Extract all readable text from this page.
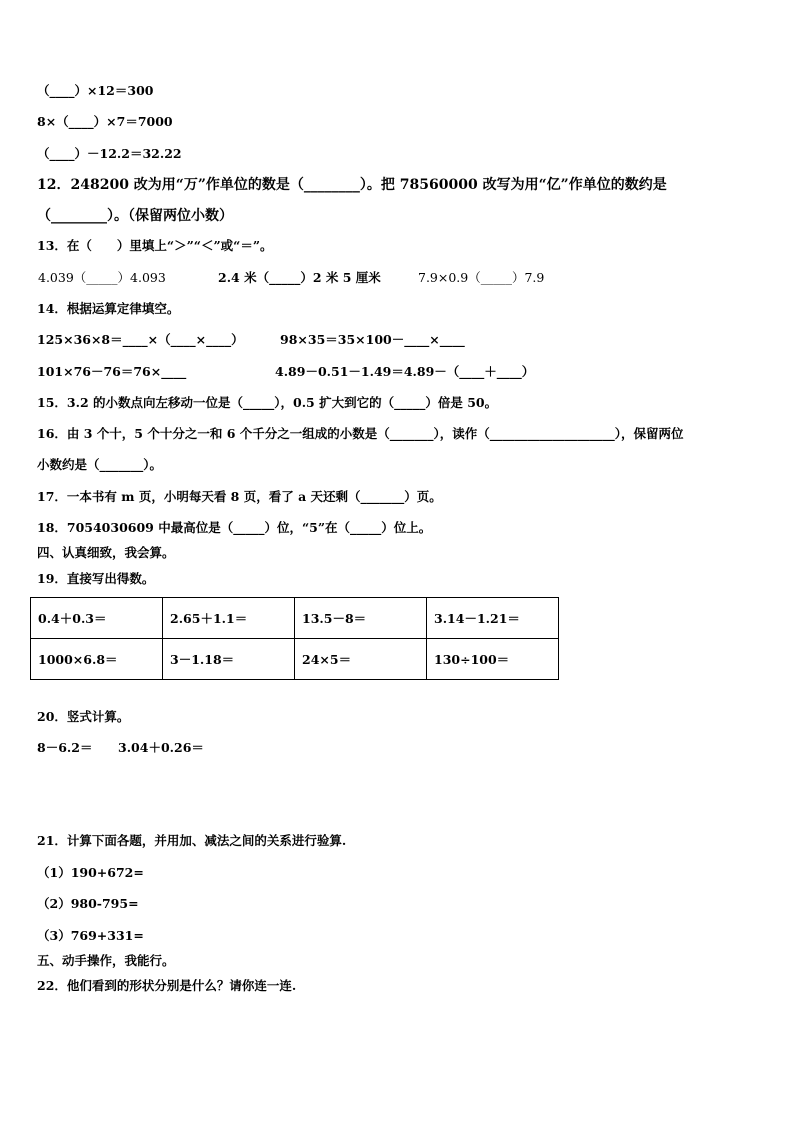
（____）×12＝300
8×（____）×7＝7000
（____）－12.2＝32.22
12．248200 改为用“万”作单位的数是（________）。把 78560000 改写为用“亿”作单位的数约是
（________）。（保留两位小数）
13．在（　　）里填上“＞”“＜”或“＝”。
4.039（_____）4.093	2.4 米（_____）2 米 5 厘米	7.9×0.9（_____）7.9
14．根据运算定律填空。
125×36×8＝____×（____×____）	98×35＝35×100－____×____
101×76－76＝76×____	4.89－0.51－1.49＝4.89－（____＋____）
15．3.2 的小数点向左移动一位是（_____），0.5 扩大到它的（_____）倍是 50。
16．由 3 个十，5 个十分之一和 6 个千分之一组成的小数是（_______），读作（____________________），保留两位
小数约是（_______）。
17．一本书有 m 页，小明每天看 8 页，看了 a 天还剩（_______）页。
18．7054030609 中最高位是（_____）位，“5”在（_____）位上。
四、认真细致，我会算。
19．直接写出得数。
0.4＋0.3＝	2.65＋1.1＝	13.5－8＝	3.14－1.21＝
1000×6.8＝	3－1.18＝	24×5＝	130÷100＝
20．竖式计算。
8－6.2＝ 3.04＋0.26＝
21．计算下面各题，并用加、减法之间的关系进行验算.
（1）190+672=
（2）980-795=
（3）769+331=
五、动手操作，我能行。
22．他们看到的形状分别是什么？请你连一连.
